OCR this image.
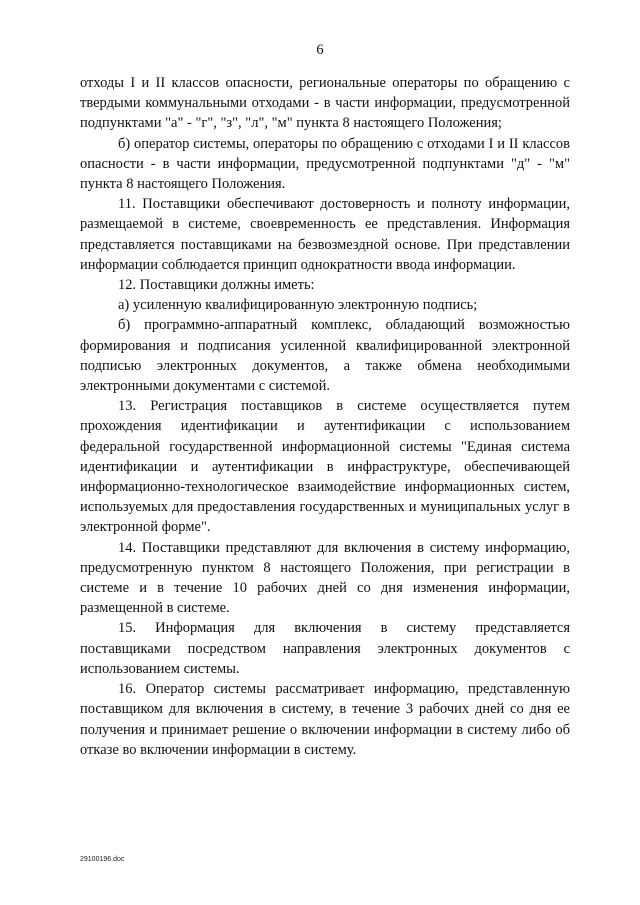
6

отходы I и II классов опасности, региональные операторы по обращению с твердыми коммунальными отходами - в части информации, предусмотренной подпунктами "а" - "г", "з", "л", "м" пункта 8 настоящего Положения;

б) оператор системы, операторы по обращению с отходами I и II классов опасности - в части информации, предусмотренной подпунктами "д" - "м" пункта 8 настоящего Положения.

11. Поставщики обеспечивают достоверность и полноту информации, размещаемой в системе, своевременность ее представления. Информация представляется поставщиками на безвозмездной основе. При представлении информации соблюдается принцип однократности ввода информации.

12. Поставщики должны иметь:

а) усиленную квалифицированную электронную подпись;

б) программно-аппаратный комплекс, обладающий возможностью формирования и подписания усиленной квалифицированной электронной подписью электронных документов, а также обмена необходимыми электронными документами с системой.

13. Регистрация поставщиков в системе осуществляется путем прохождения идентификации и аутентификации с использованием федеральной государственной информационной системы "Единая система идентификации и аутентификации в инфраструктуре, обеспечивающей информационно-технологическое взаимодействие информационных систем, используемых для предоставления государственных и муниципальных услуг в электронной форме".

14. Поставщики представляют для включения в систему информацию, предусмотренную пунктом 8 настоящего Положения, при регистрации в системе и в течение 10 рабочих дней со дня изменения информации, размещенной в системе.

15. Информация для включения в систему представляется поставщиками посредством направления электронных документов с использованием системы.

16. Оператор системы рассматривает информацию, представленную поставщиком для включения в систему, в течение 3 рабочих дней со дня ее получения и принимает решение о включении информации в систему либо об отказе во включении информации в систему.

29100196.doc
